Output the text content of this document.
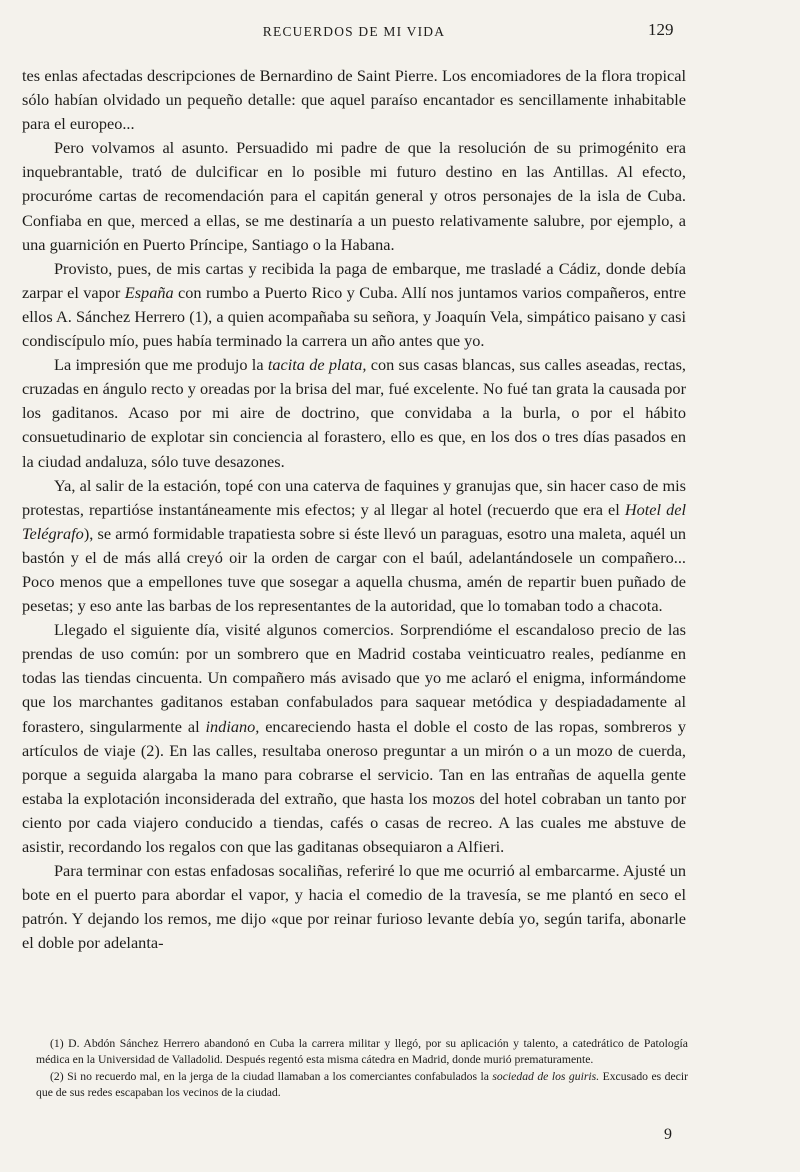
RECUERDOS DE MI VIDA	129

tes enlas afectadas descripciones de Bernardino de Saint Pierre. Los encomiadores de la flora tropical sólo habían olvidado un pequeño detalle: que aquel paraíso encantador es sencillamente inhabitable para el europeo...

Pero volvamos al asunto. Persuadido mi padre de que la resolución de su primogénito era inquebrantable, trató de dulcificar en lo posible mi futuro destino en las Antillas. Al efecto, procuróme cartas de recomendación para el capitán general y otros personajes de la isla de Cuba. Confiaba en que, merced a ellas, se me destinaría a un puesto relativamente salubre, por ejemplo, a una guarnición en Puerto Príncipe, Santiago o la Habana.

Provisto, pues, de mis cartas y recibida la paga de embarque, me trasladé a Cádiz, donde debía zarpar el vapor España con rumbo a Puerto Rico y Cuba. Allí nos juntamos varios compañeros, entre ellos A. Sánchez Herrero (1), a quien acompañaba su señora, y Joaquín Vela, simpático paisano y casi condiscípulo mío, pues había terminado la carrera un año antes que yo.

La impresión que me produjo la tacita de plata, con sus casas blancas, sus calles aseadas, rectas, cruzadas en ángulo recto y oreadas por la brisa del mar, fué excelente. No fué tan grata la causada por los gaditanos. Acaso por mi aire de doctrino, que convidaba a la burla, o por el hábito consuetudinario de explotar sin conciencia al forastero, ello es que, en los dos o tres días pasados en la ciudad andaluza, sólo tuve desazones.

Ya, al salir de la estación, topé con una caterva de faquines y granujas que, sin hacer caso de mis protestas, repartióse instantáneamente mis efectos; y al llegar al hotel (recuerdo que era el Hotel del Telégrafo), se armó formidable trapatiesta sobre si éste llevó un paraguas, esotro una maleta, aquél un bastón y el de más allá creyó oir la orden de cargar con el baúl, adelantándosele un compañero... Poco menos que a empellones tuve que sosegar a aquella chusma, amén de repartir buen puñado de pesetas; y eso ante las barbas de los representantes de la autoridad, que lo tomaban todo a chacota.

Llegado el siguiente día, visité algunos comercios. Sorprendióme el escandaloso precio de las prendas de uso común: por un sombrero que en Madrid costaba veinticuatro reales, pedíanme en todas las tiendas cincuenta. Un compañero más avisado que yo me aclaró el enigma, informándome que los marchantes gaditanos estaban confabulados para saquear metódica y despiadadamente al forastero, singularmente al indiano, encareciendo hasta el doble el costo de las ropas, sombreros y artículos de viaje (2). En las calles, resultaba oneroso preguntar a un mirón o a un mozo de cuerda, porque a seguida alargaba la mano para cobrarse el servicio. Tan en las entrañas de aquella gente estaba la explotación inconsiderada del extraño, que hasta los mozos del hotel cobraban un tanto por ciento por cada viajero conducido a tiendas, cafés o casas de recreo. A las cuales me abstuve de asistir, recordando los regalos con que las gaditanas obsequiaron a Alfieri.

Para terminar con estas enfadosas socaliñas, referiré lo que me ocurrió al embarcarme. Ajusté un bote en el puerto para abordar el vapor, y hacia el comedio de la travesía, se me plantó en seco el patrón. Y dejando los remos, me dijo «que por reinar furioso levante debía yo, según tarifa, abonarle el doble por adelanta-

(1) D. Abdón Sánchez Herrero abandonó en Cuba la carrera militar y llegó, por su aplicación y talento, a catedrático de Patología médica en la Universidad de Valladolid. Después regentó esta misma cátedra en Madrid, donde murió prematuramente.

(2) Si no recuerdo mal, en la jerga de la ciudad llamaban a los comerciantes confabulados la sociedad de los guiris. Excusado es decir que de sus redes escapaban los vecinos de la ciudad.

9
